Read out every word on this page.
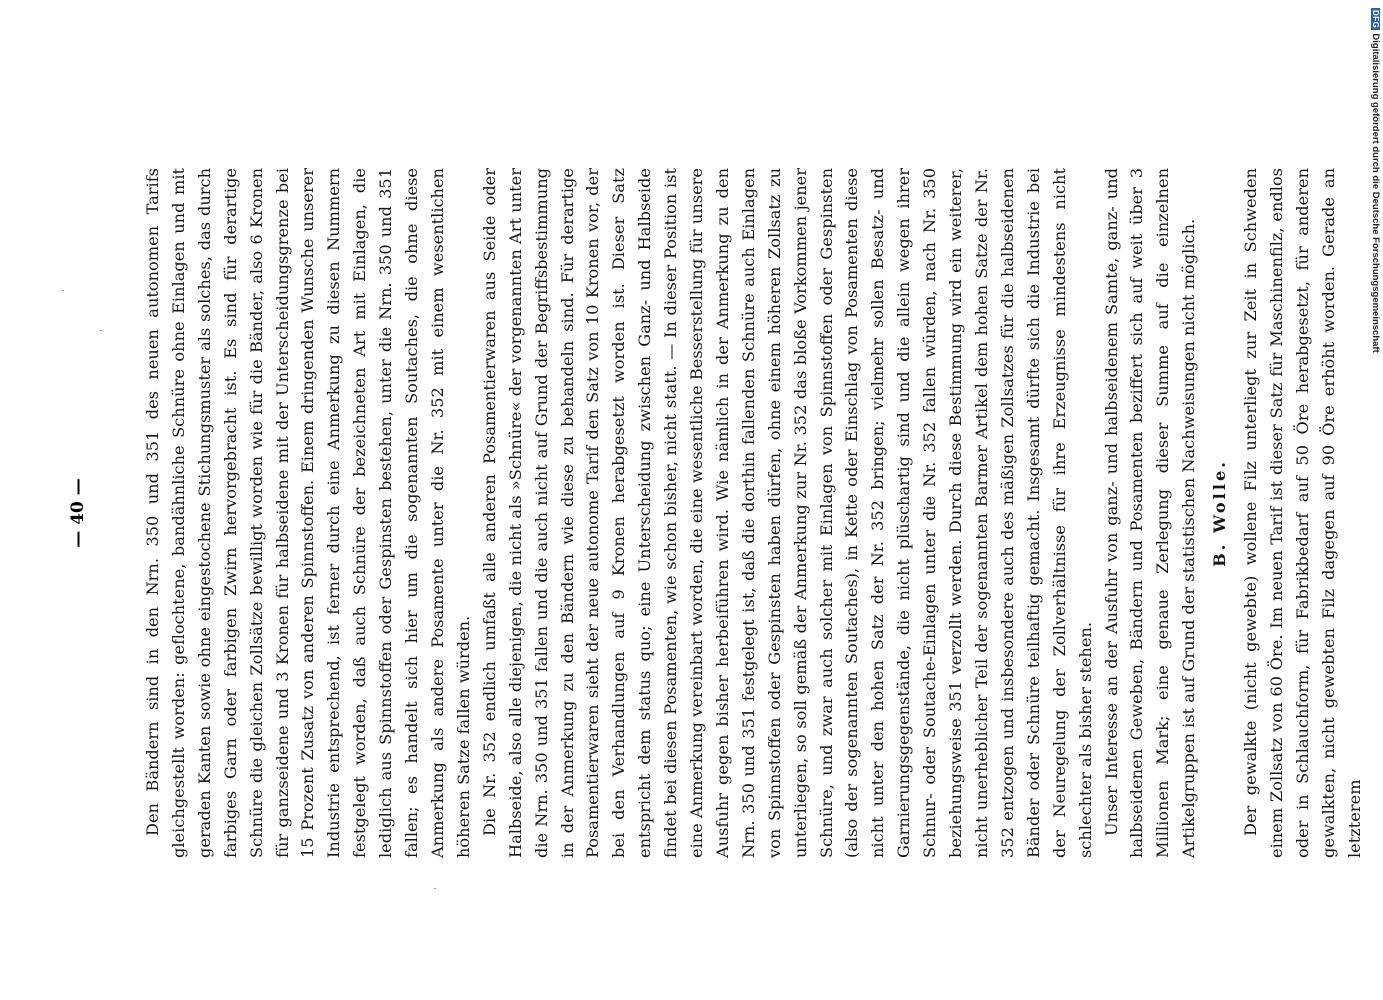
— 40 —	Den Bändern sind in den Nrn. 350 und 351 des neuen autonomen Tarifs gleichgestellt worden: geflochtene, bandähnliche Schnüre ohne Einlagen und mit geraden Kanten sowie ohne eingestochene Stichungsmuster als solches, das durch farbiges Garn oder farbigen Zwirn hervorgebracht ist. Es sind für derartige Schnüre die gleichen Zollsätze bewilligt worden wie für die Bänder, also 6 Kronen für ganzseidene und 3 Kronen für halbseidene mit der Unterscheidungsgrenze bei 15 Prozent Zusatz von anderen Spinnstoffen. Einem dringenden Wunsche unserer Industrie entsprechend, ist ferner durch eine Anmerkung zu diesen Nummern festgelegt worden, daß auch Schnüre der bezeichneten Art mit Einlagen, die lediglich aus Spinnstoffen oder Gespinsten bestehen, unter die Nrn. 350 und 351 fallen; es handelt sich hier um die sogenannten Soutaches, die ohne diese Anmerkung als andere Posamente unter die Nr. 352 mit einem wesentlichen höheren Satze fallen würden. Die Nr. 352 endlich umfaßt alle anderen Posamentierwaren aus Seide oder Halbseide, also alle diejenigen, die nicht als »Schnüre« der vorgenannten Art unter die Nrn. 350 und 351 fallen und die auch nicht auf Grund der Begriffsbestimmung in der Anmerkung zu den Bändern wie diese zu behandeln sind. Für derartige Posamentierwaren sieht der neue autonome Tarif den Satz von 10 Kronen vor, der bei den Verhandlungen auf 9 Kronen herabgesetzt worden ist. Dieser Satz entspricht dem status quo; eine Unterscheidung zwischen Ganz- und Halbseide findet bei diesen Posamenten, wie schon bisher, nicht statt. — In dieser Position ist eine Anmerkung vereinbart worden, die eine wesentliche Besserstellung für unsere Ausfuhr gegen bisher herbeiführen wird. Wie nämlich in der Anmerkung zu den Nrn. 350 und 351 festgelegt ist, daß die dorthin fallenden Schnüre auch Einlagen von Spinnstoffen oder Gespinsten haben dürfen, ohne einem höheren Zollsatz zu unterliegen, so soll gemäß der Anmerkung zur Nr. 352 das bloße Vorkommen jener Schnüre, und zwar auch solcher mit Einlagen von Spinnstoffen oder Gespinsten (also der sogenannten Soutaches), in Kette oder Einschlag von Posamenten diese nicht unter den hohen Satz der Nr. 352 bringen; vielmehr sollen Besatz- und Garnierungsgegenstände, die nicht plüschartig sind und die allein wegen ihrer Schnur- oder Soutache-Einlagen unter die Nr. 352 fallen würden, nach Nr. 350 beziehungsweise 351 verzollt werden. Durch diese Bestimmung wird ein weiterer, nicht unerheblicher Teil der sogenannten Barmer Artikel dem hohen Satze der Nr. 352 entzogen und insbesondere auch des mäßigen Zollsatzes für die halbseidenen Bänder oder Schnüre teilhaftig gemacht. Insgesamt dürfte sich die Industrie bei der Neuregelung der Zollverhältnisse für ihre Erzeugnisse mindestens nicht schlechter als bisher stehen. Unser Interesse an der Ausfuhr von ganz- und halbseidenem Samte, ganz- und halbseidenen Geweben, Bändern und Posamenten beziffert sich auf weit über 3 Millionen Mark; eine genaue Zerlegung dieser Summe auf die einzelnen Artikelgruppen ist auf Grund der statistischen Nachweisungen nicht möglich. B. Wolle. Der gewalkte (nicht gewebte) wollene Filz unterliegt zur Zeit in Schweden einem Zollsatz von 60 Öre. Im neuen Tarif ist dieser Satz für Maschinenfilz, endlos oder in Schlauchform, für Fabrikbedarf auf 50 Öre herabgesetzt, für anderen gewalkten, nicht gewebten Filz dagegen auf 90 Öre erhöht worden. Gerade an letzterem

DFGDigitalisierung gefördert durch die Deutsche Forschungsgemeinschaft
